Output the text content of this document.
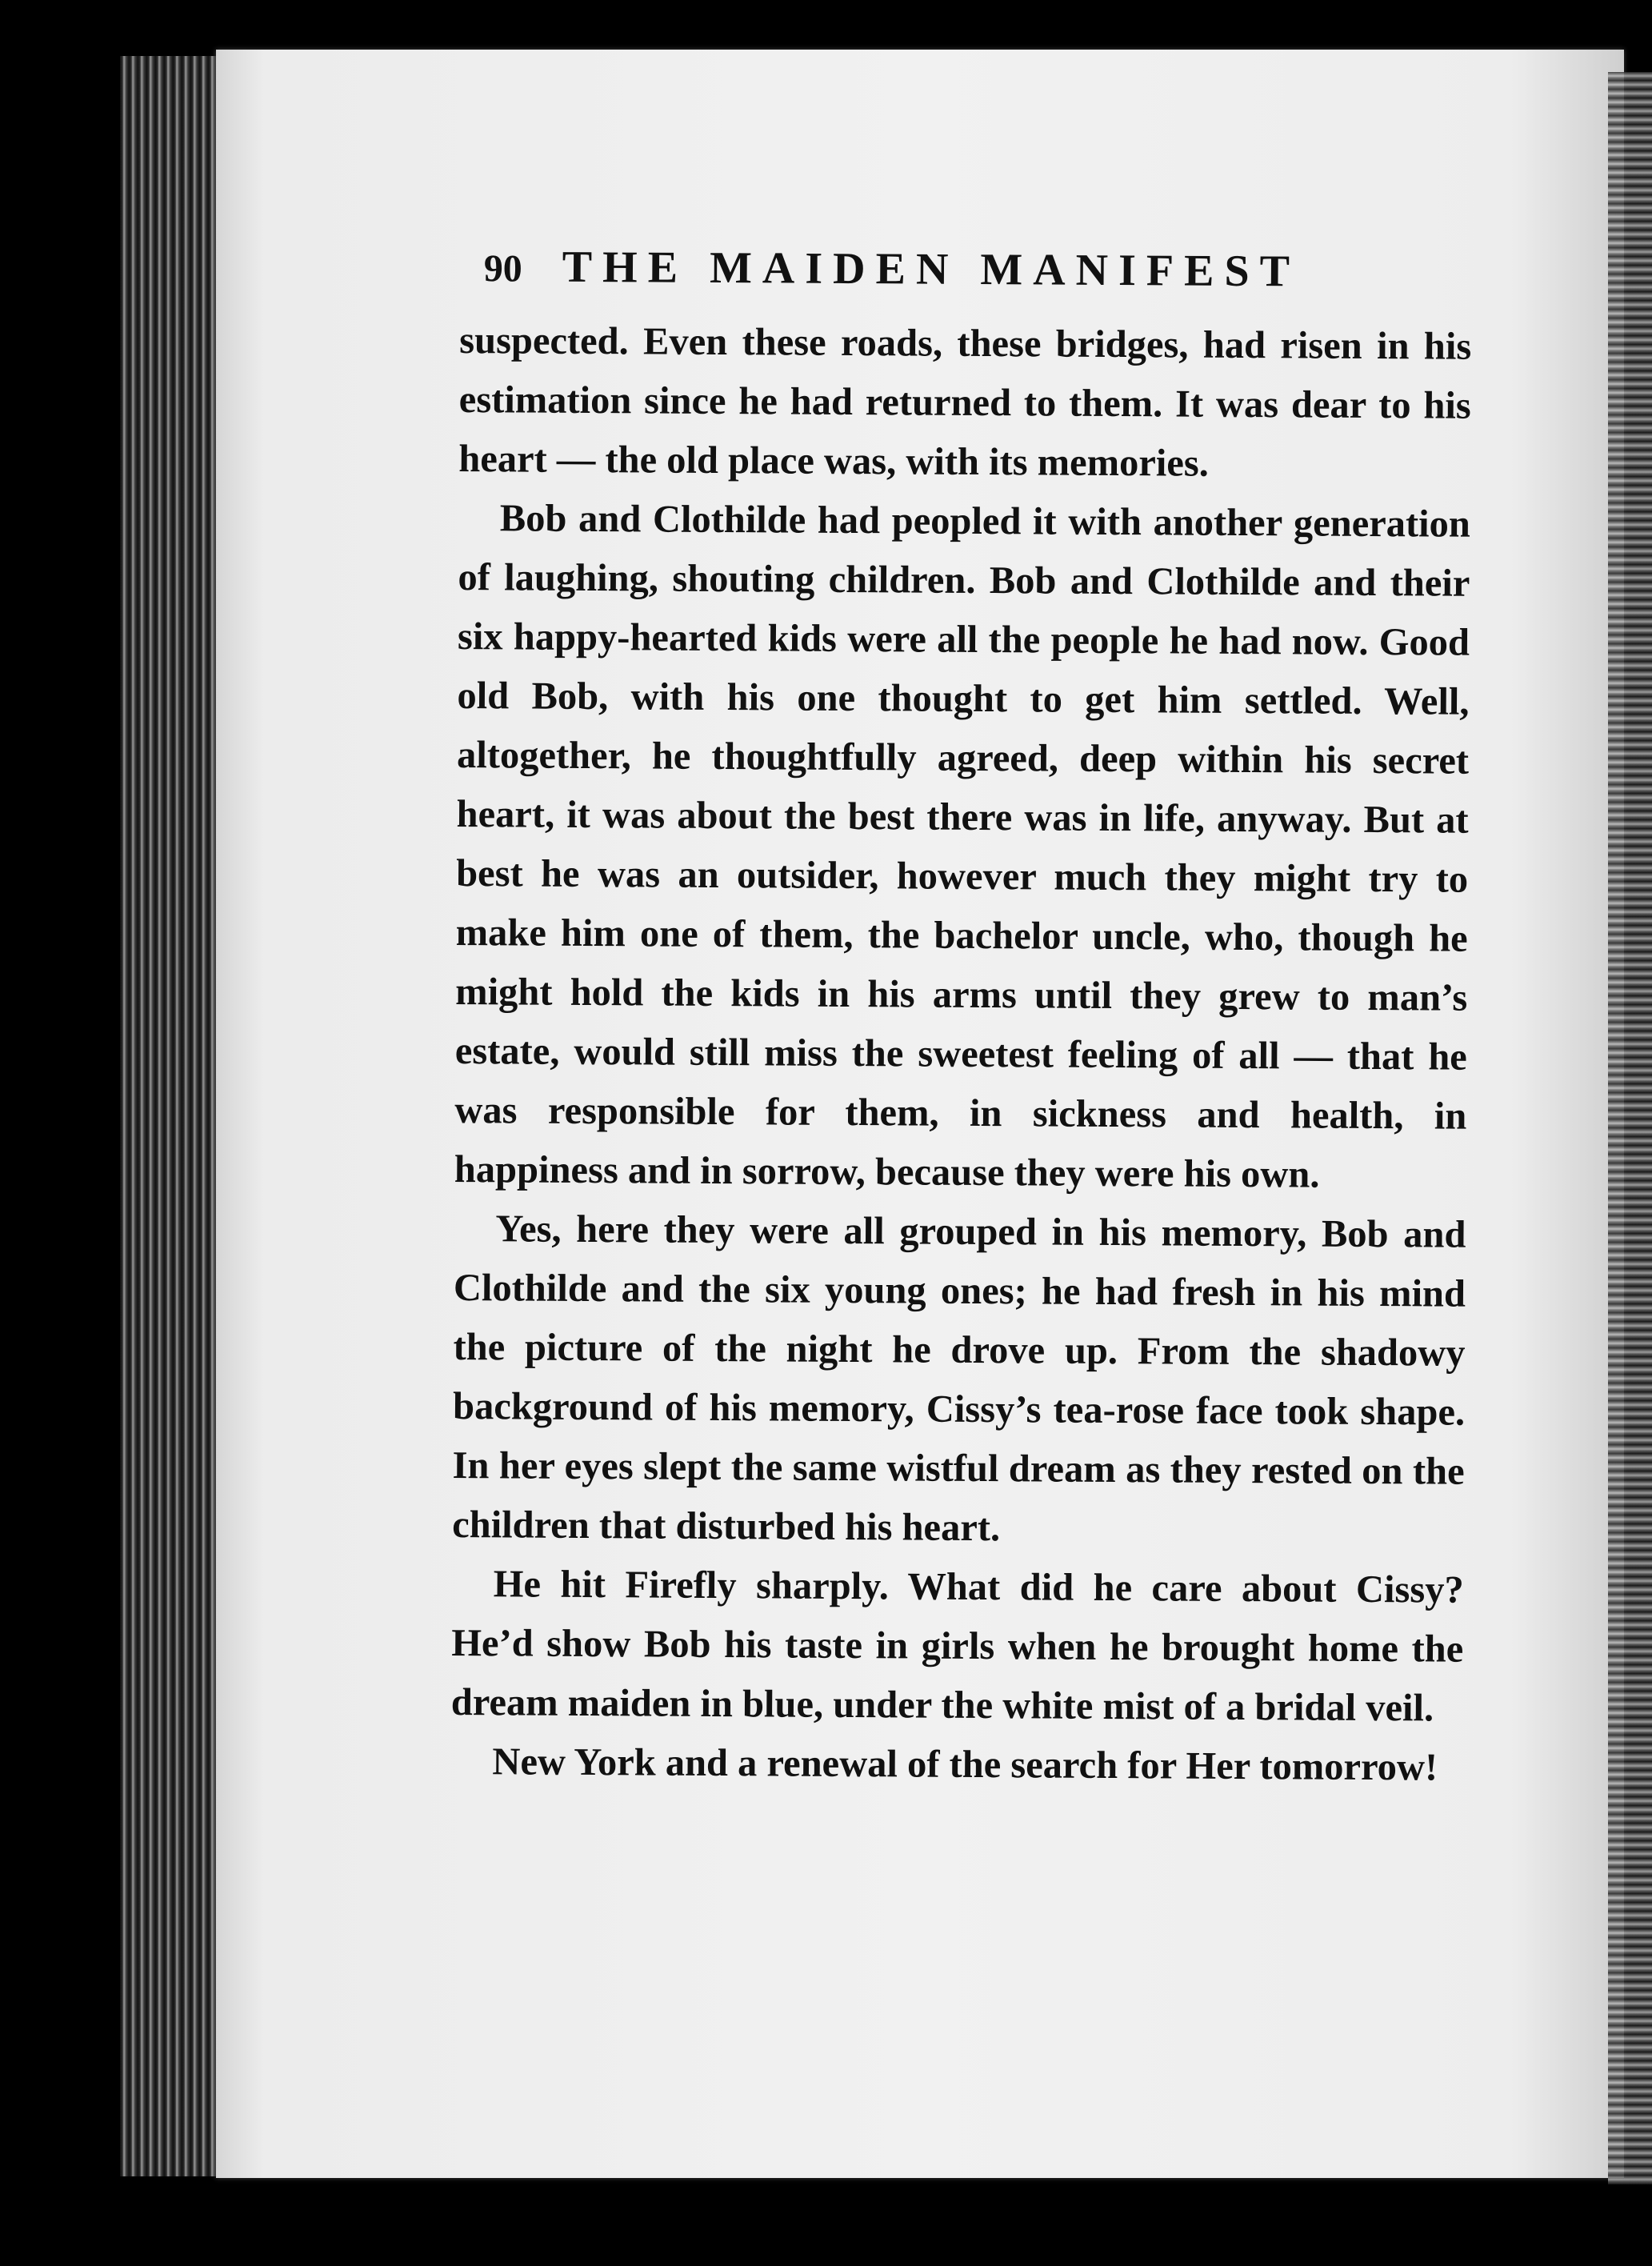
90 THE MAIDEN MANIFEST

suspected. Even these roads, these bridges, had risen in his estimation since he had returned to them. It was dear to his heart — the old place was, with its memories.

Bob and Clothilde had peopled it with another generation of laughing, shouting children. Bob and Clothilde and their six happy-hearted kids were all the people he had now. Good old Bob, with his one thought to get him settled. Well, altogether, he thoughtfully agreed, deep within his secret heart, it was about the best there was in life, anyway. But at best he was an outsider, however much they might try to make him one of them, the bachelor uncle, who, though he might hold the kids in his arms until they grew to man’s estate, would still miss the sweetest feeling of all — that he was responsible for them, in sickness and health, in happiness and in sorrow, because they were his own.

Yes, here they were all grouped in his memory, Bob and Clothilde and the six young ones; he had fresh in his mind the picture of the night he drove up. From the shadowy background of his memory, Cissy’s tea-rose face took shape. In her eyes slept the same wistful dream as they rested on the children that disturbed his heart.

He hit Firefly sharply. What did he care about Cissy? He’d show Bob his taste in girls when he brought home the dream maiden in blue, under the white mist of a bridal veil.

New York and a renewal of the search for Her tomorrow!
